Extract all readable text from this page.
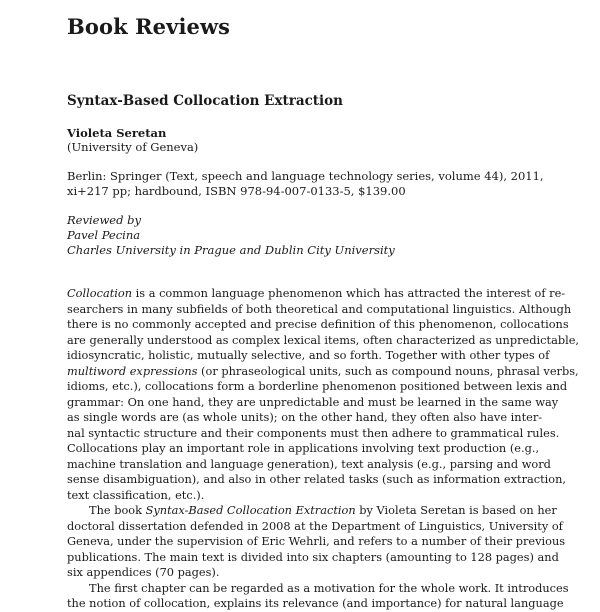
Book Reviews
Syntax-Based Collocation Extraction
Violeta Seretan
(University of Geneva)
Berlin: Springer (Text, speech and language technology series, volume 44), 2011,
xi+217 pp; hardbound, ISBN 978-94-007-0133-5, $139.00
Reviewed by
Pavel Pecina
Charles University in Prague and Dublin City University
Collocation is a common language phenomenon which has attracted the interest of re-
searchers in many subfields of both theoretical and computational linguistics. Although
there is no commonly accepted and precise definition of this phenomenon, collocations
are generally understood as complex lexical items, often characterized as unpredictable,
idiosyncratic, holistic, mutually selective, and so forth. Together with other types of
multiword expressions (or phraseological units, such as compound nouns, phrasal verbs,
idioms, etc.), collocations form a borderline phenomenon positioned between lexis and
grammar: On one hand, they are unpredictable and must be learned in the same way
as single words are (as whole units); on the other hand, they often also have inter-
nal syntactic structure and their components must then adhere to grammatical rules.
Collocations play an important role in applications involving text production (e.g.,
machine translation and language generation), text analysis (e.g., parsing and word
sense disambiguation), and also in other related tasks (such as information extraction,
text classification, etc.).
The book Syntax-Based Collocation Extraction by Violeta Seretan is based on her
doctoral dissertation defended in 2008 at the Department of Linguistics, University of
Geneva, under the supervision of Eric Wehrli, and refers to a number of their previous
publications. The main text is divided into six chapters (amounting to 128 pages) and
six appendices (70 pages).
The first chapter can be regarded as a motivation for the whole work. It introduces
the notion of collocation, explains its relevance (and importance) for natural language
